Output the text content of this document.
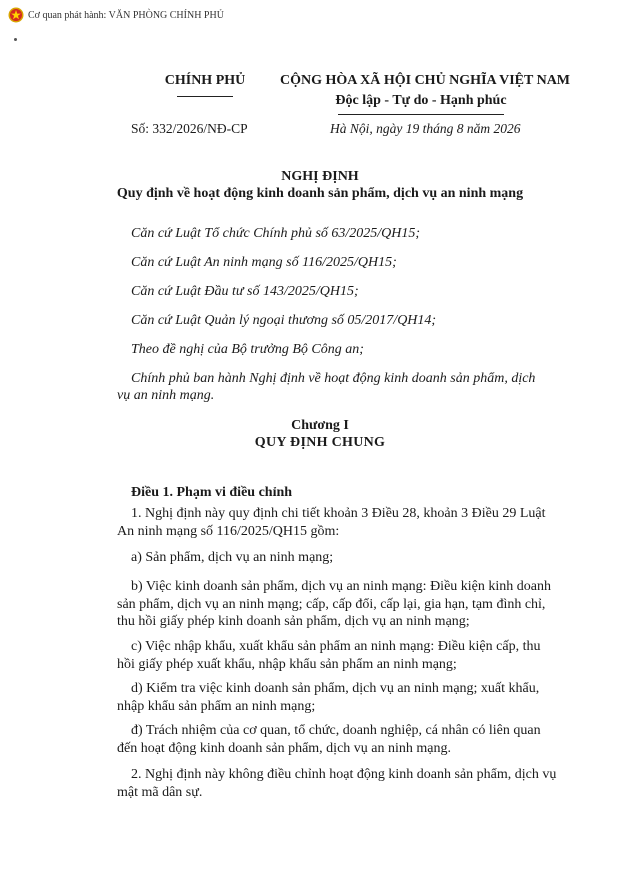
Cơ quan phát hành: VĂN PHÒNG CHÍNH PHỦ
CHÍNH PHỦ	CỘNG HÒA XÃ HỘI CHỦ NGHĨA VIỆT NAM
Độc lập - Tự do - Hạnh phúc
Số: 332/2026/NĐ-CP	Hà Nội, ngày 19 tháng 8 năm 2026
NGHỊ ĐỊNH
Quy định về hoạt động kinh doanh sản phẩm, dịch vụ an ninh mạng
Căn cứ Luật Tổ chức Chính phủ số 63/2025/QH15;
Căn cứ Luật An ninh mạng số 116/2025/QH15;
Căn cứ Luật Đầu tư số 143/2025/QH15;
Căn cứ Luật Quản lý ngoại thương số 05/2017/QH14;
Theo đề nghị của Bộ trưởng Bộ Công an;
Chính phủ ban hành Nghị định về hoạt động kinh doanh sản phẩm, dịch vụ an ninh mạng.
Chương I
QUY ĐỊNH CHUNG
Điều 1. Phạm vi điều chỉnh

1. Nghị định này quy định chi tiết khoản 3 Điều 28, khoản 3 Điều 29 Luật An ninh mạng số 116/2025/QH15 gồm:

a) Sản phẩm, dịch vụ an ninh mạng;

b) Việc kinh doanh sản phẩm, dịch vụ an ninh mạng: Điều kiện kinh doanh sản phẩm, dịch vụ an ninh mạng; cấp, cấp đổi, cấp lại, gia hạn, tạm đình chỉ, thu hồi giấy phép kinh doanh sản phẩm, dịch vụ an ninh mạng;

c) Việc nhập khẩu, xuất khẩu sản phẩm an ninh mạng: Điều kiện cấp, thu hồi giấy phép xuất khẩu, nhập khẩu sản phẩm an ninh mạng;

d) Kiểm tra việc kinh doanh sản phẩm, dịch vụ an ninh mạng; xuất khẩu, nhập khẩu sản phẩm an ninh mạng;

đ) Trách nhiệm của cơ quan, tổ chức, doanh nghiệp, cá nhân có liên quan đến hoạt động kinh doanh sản phẩm, dịch vụ an ninh mạng.

2. Nghị định này không điều chỉnh hoạt động kinh doanh sản phẩm, dịch vụ mật mã dân sự.
